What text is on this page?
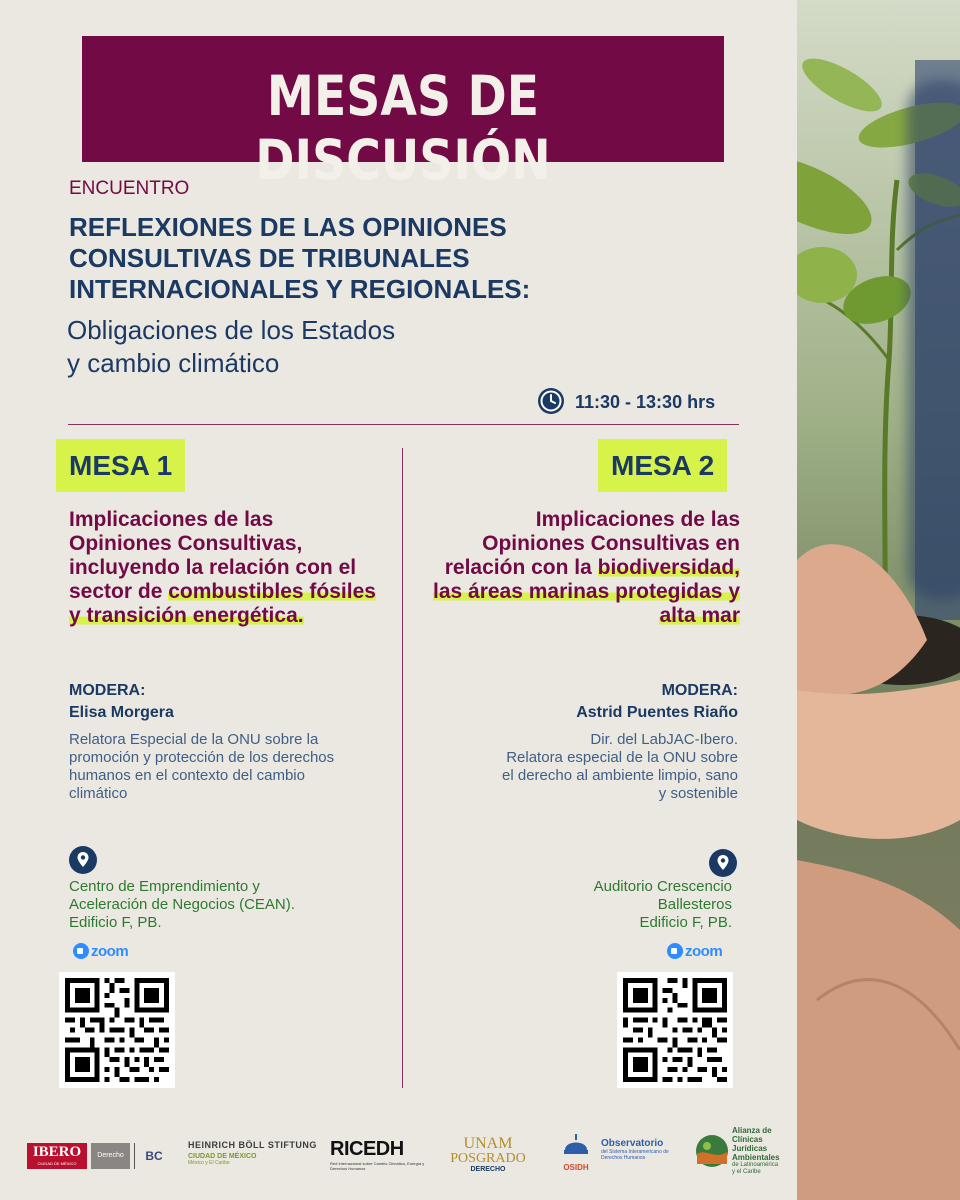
MESAS DE DISCUSIÓN
ENCUENTRO

REFLEXIONES DE LAS OPINIONES CONSULTIVAS DE TRIBUNALES INTERNACIONALES Y REGIONALES:

Obligaciones de los Estados
y cambio climático

11:30 - 13:30 hrs
MESA 1

Implicaciones de las Opiniones Consultivas, incluyendo la relación con el sector de combustibles fósiles y transición energética.

MODERA:
Elisa Morgera

Relatora Especial de la ONU sobre la promoción y protección de los derechos humanos en el contexto del cambio climático

Centro de Emprendimiento y
Aceleración de Negocios (CEAN).
Edificio F, PB.

zoom
MESA 2

Implicaciones de las Opiniones Consultivas en relación con la biodiversidad, las áreas marinas protegidas y alta mar

MODERA:
Astrid Puentes Riaño

Dir. del LabJAC-Ibero.
Relatora especial de la ONU sobre el derecho al ambiente limpio, sano y sostenible

Auditorio Crescencio
Ballesteros
Edificio F, PB.

zoom
IBERO
CIUDAD DE MÉXICO
Derecho	BC
HEINRICH BÖLL STIFTUNG
CIUDAD DE MÉXICO
México y El Caribe
RICEDH
Red Internacional sobre Cambio Climático, Energía y Derechos Humanos
UNAM
POSGRADO
DERECHO	OSIDH
Observatorio
del Sistema Interamericano de Derechos Humanos
Alianza de
Clínicas
Jurídicas
Ambientales
de Latinoamérica
y el Caribe
